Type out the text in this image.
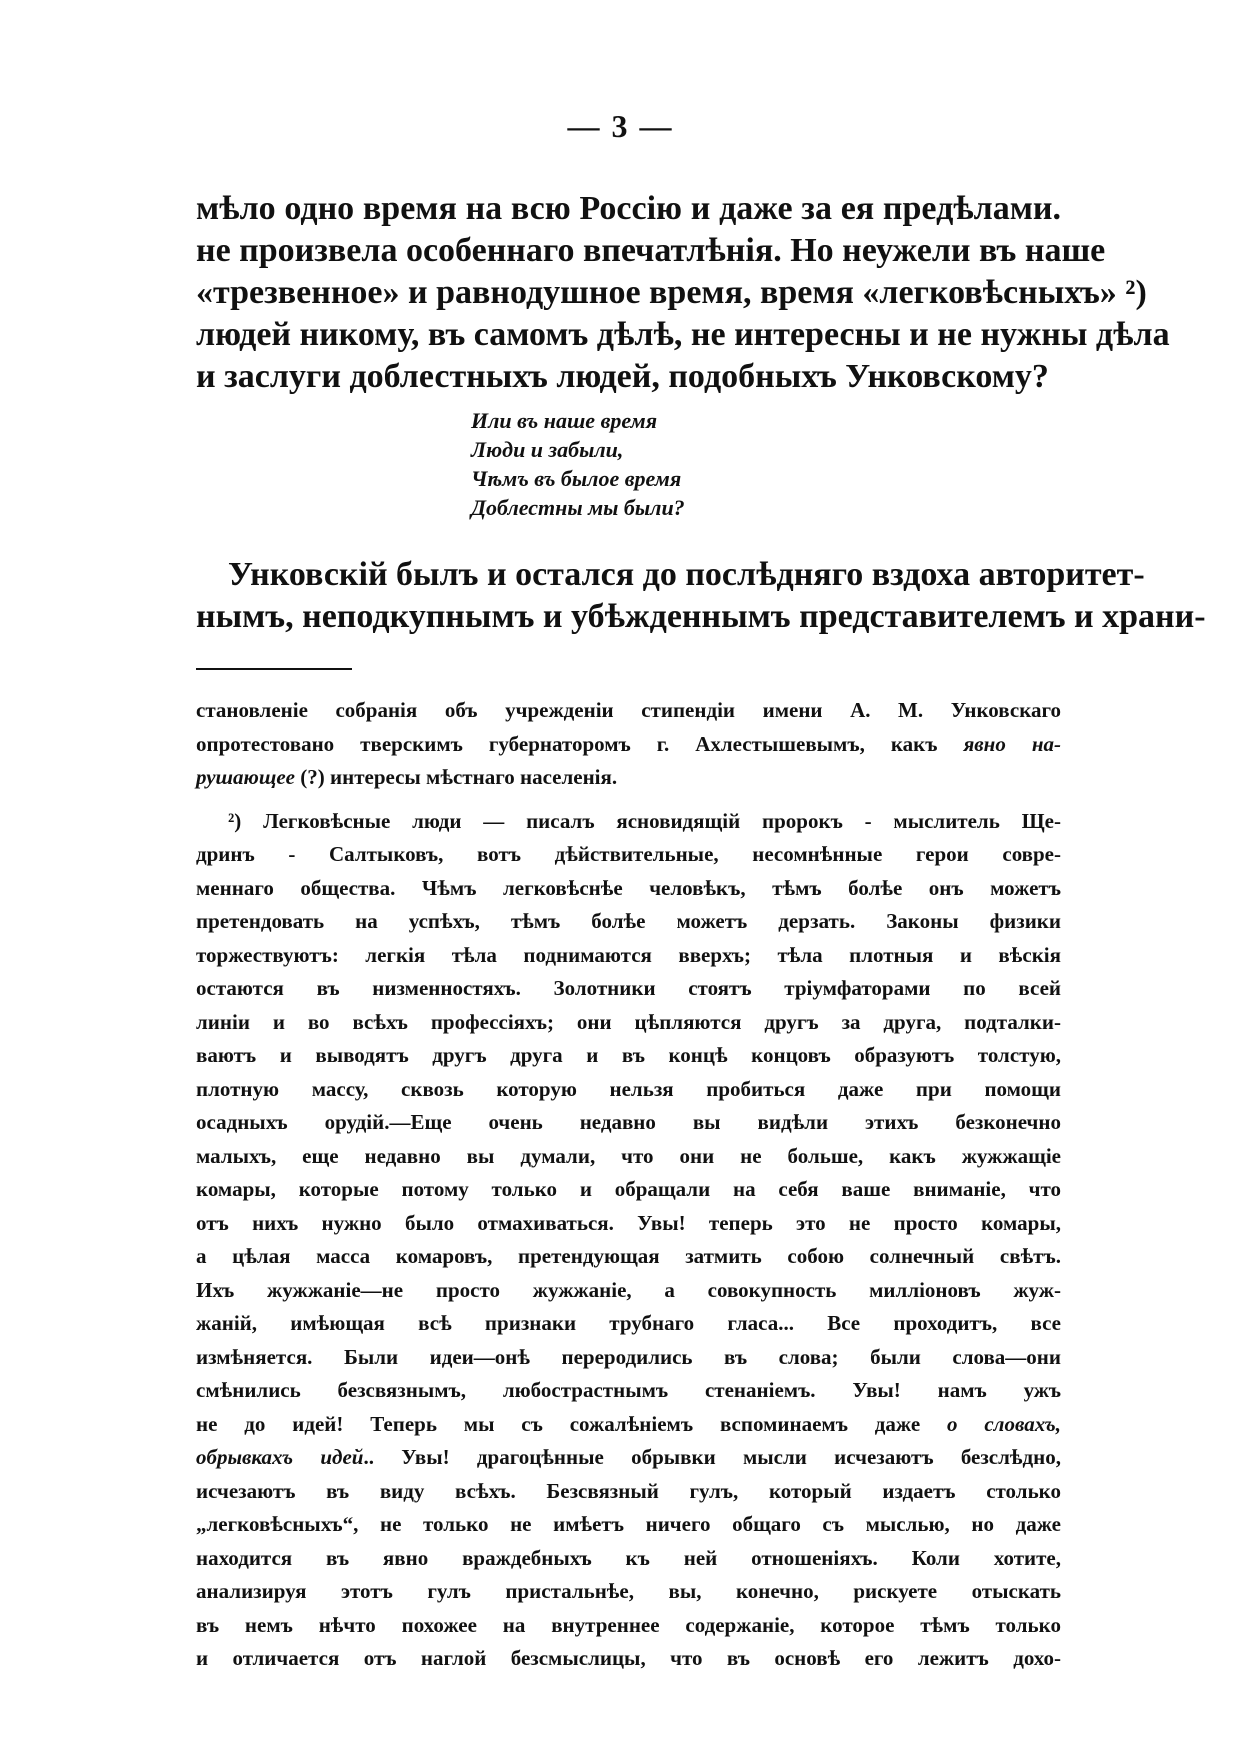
— 3 —
мѣло одно время на всю Россію и даже за ея предѣлами.
не произвела особеннаго впечатлѣнія. Но неужели въ наше
«трезвенное» и равнодушное время, время «легковѣсныхъ» ²)
людей никому, въ самомъ дѣлѣ, не интересны и не нужны дѣла
и заслуги доблестныхъ людей, подобныхъ Унковскому?
Или въ наше время
Люди и забыли,
Чѣмъ въ былое время
Доблестны мы были?
Унковскій былъ и остался до послѣдняго вздоха авторитет-
нымъ, неподкупнымъ и убѣжденнымъ представителемъ и храни-
становленіе собранія объ учрежденіи стипендіи имени А. М. Унковскаго
опротестовано тверскимъ губернаторомъ г. Ахлестышевымъ, какъ явно на-
рушающее (?) интересы мѣстнаго населенія.
²) Легковѣсные люди — писалъ ясновидящій пророкъ - мыслитель Ще-
дринъ - Салтыковъ, вотъ дѣйствительные, несомнѣнные герои совре-
меннаго общества. Чѣмъ легковѣснѣе человѣкъ, тѣмъ болѣе онъ можетъ
претендовать на успѣхъ, тѣмъ болѣе можетъ дерзать. Законы физики
торжествуютъ: легкія тѣла поднимаются вверхъ; тѣла плотныя и вѣскія
остаются въ низменностяхъ. Золотники стоятъ тріумфаторами по всей
линіи и во всѣхъ профессіяхъ; они цѣпляются другъ за друга, подталки-
ваютъ и выводятъ другъ друга и въ концѣ концовъ образуютъ толстую,
плотную массу, сквозь которую нельзя пробиться даже при помощи
осадныхъ орудій.—Еще очень недавно вы видѣли этихъ безконечно
малыхъ, еще недавно вы думали, что они не больше, какъ жужжащіе
комары, которые потому только и обращали на себя ваше вниманіе, что
отъ нихъ нужно было отмахиваться. Увы! теперь это не просто комары,
а цѣлая масса комаровъ, претендующая затмить собою солнечный свѣтъ.
Ихъ жужжаніе—не просто жужжаніе, а совокупность милліоновъ жуж-
жаній, имѣющая всѣ признаки трубнаго гласа... Все проходитъ, все
измѣняется. Были идеи—онѣ переродились въ слова; были слова—они
смѣнились безсвязнымъ, любострастнымъ стенаніемъ. Увы! намъ ужъ
не до идей! Теперь мы съ сожалѣніемъ вспоминаемъ даже о словахъ,
обрывкахъ идей.. Увы! драгоцѣнные обрывки мысли исчезаютъ безслѣдно,
исчезаютъ въ виду всѣхъ. Безсвязный гулъ, который издаетъ столько
„легковѣсныхъ“, не только не имѣетъ ничего общаго съ мыслью, но даже
находится въ явно враждебныхъ къ ней отношеніяхъ. Коли хотите,
анализируя этотъ гулъ пристальнѣе, вы, конечно, рискуете отыскать
въ немъ нѣчто похожее на внутреннее содержаніе, которое тѣмъ только
и отличается отъ наглой безсмыслицы, что въ основѣ его лежитъ дохо-
